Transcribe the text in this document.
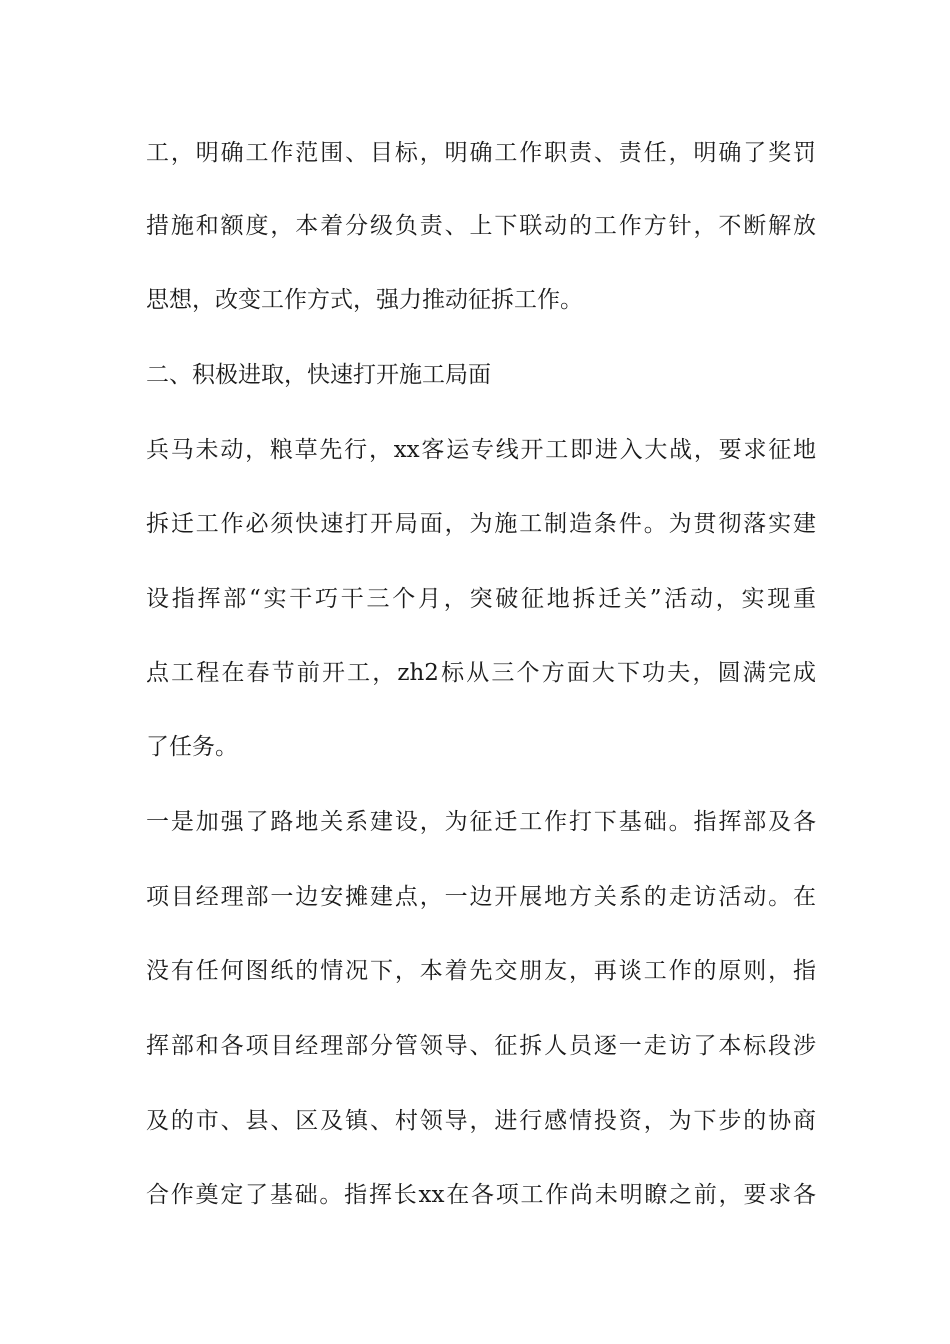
工，明确工作范围、目标，明确工作职责、责任，明确了奖罚
措施和额度，本着分级负责、上下联动的工作方针，不断解放
思想，改变工作方式，强力推动征拆工作。
二、积极进取，快速打开施工局面
兵马未动，粮草先行，xx客运专线开工即进入大战，要求征地
拆迁工作必须快速打开局面，为施工制造条件。为贯彻落实建
设指挥部“实干巧干三个月，突破征地拆迁关”活动，实现重
点工程在春节前开工，zh2标从三个方面大下功夫，圆满完成
了任务。
一是加强了路地关系建设，为征迁工作打下基础。指挥部及各
项目经理部一边安摊建点，一边开展地方关系的走访活动。在
没有任何图纸的情况下，本着先交朋友，再谈工作的原则，指
挥部和各项目经理部分管领导、征拆人员逐一走访了本标段涉
及的市、县、区及镇、村领导，进行感情投资，为下步的协商
合作奠定了基础。指挥长xx在各项工作尚未明瞭之前，要求各
